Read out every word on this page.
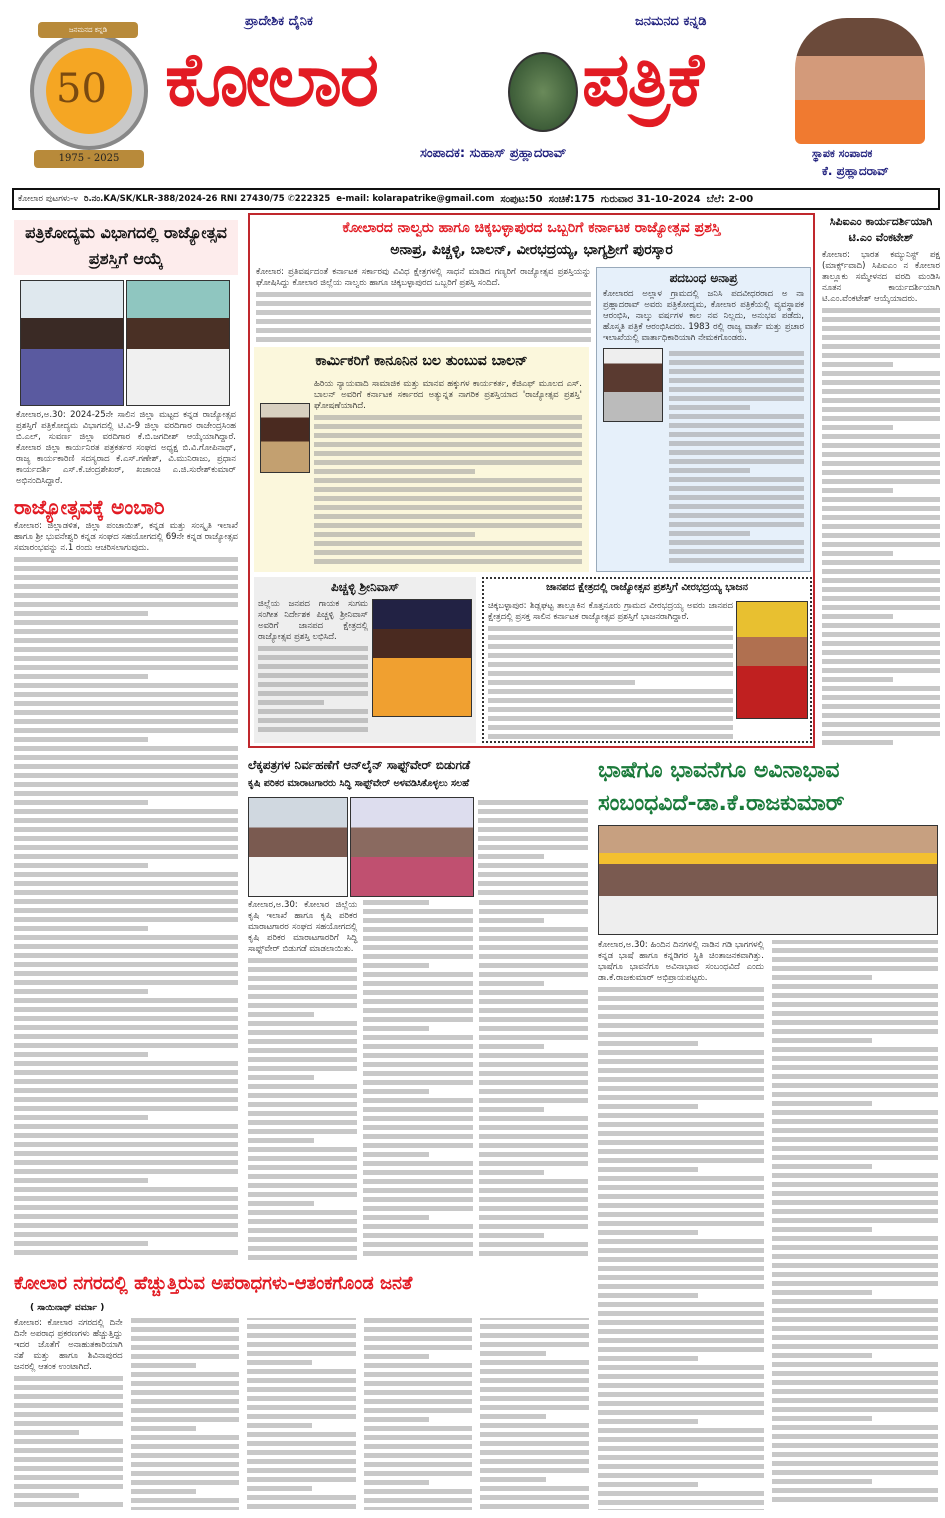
ಜನಮನದ ಕನ್ನಡಿ
50
1975 - 2025
ಪ್ರಾದೇಶಿಕ ದೈನಿಕ	ಜನಮನದ ಕನ್ನಡಿ
ಕೋಲಾರ	ಪತ್ರಿಕೆ
ಸಂಪಾದಕ: ಸುಹಾಸ್ ಪ್ರಹ್ಲಾದರಾವ್	ಸ್ಥಾಪಕ ಸಂಪಾದಕ
ಕೆ. ಪ್ರಹ್ಲಾದರಾವ್
ಕೋಲಾರ ಪುಟಗಳು-೪ ರಿ.ನಂ.KA/SK/KLR-388/2024-26 RNI 27430/75 ✆222325 e-mail: kolarapatrike@gmail.com ಸಂಪುಟ:50 ಸಂಚಿಕೆ:175 ಗುರುವಾರ 31-10-2024 ಬೆಲೆ: 2-00
ಪತ್ರಿಕೋದ್ಯಮ ವಿಭಾಗದಲ್ಲಿ ರಾಜ್ಯೋತ್ಸವ ಪ್ರಶಸ್ತಿಗೆ ಆಯ್ಕೆ

ಕೋಲಾರ,ಅ.30: 2024-25ನೇ ಸಾಲಿನ ಜಿಲ್ಲಾ ಮಟ್ಟದ ಕನ್ನಡ ರಾಜ್ಯೋತ್ಸವ ಪ್ರಶಸ್ತಿಗೆ ಪತ್ರಿಕೋದ್ಯಮ ವಿಭಾಗದಲ್ಲಿ ಟಿ.ವಿ-9 ಜಿಲ್ಲಾ ವರದಿಗಾರ ರಾಜೇಂದ್ರಸಿಂಹ ಬಿ.ಎಲ್, ಸುವರ್ಣ ಜಿಲ್ಲಾ ವರದಿಗಾರ ಕೆ.ಬಿ.ಜಗದೀಶ್ ಆಯ್ಕೆಯಾಗಿದ್ದಾರೆ. ಕೋಲಾರ ಜಿಲ್ಲಾ ಕಾರ್ಯನಿರತ ಪತ್ರಕರ್ತರ ಸಂಘದ ಅಧ್ಯಕ್ಷ ಬಿ.ವಿ.ಗೋಪಿನಾಥ್, ರಾಜ್ಯ ಕಾರ್ಯಕಾರಿಣಿ ಸದಸ್ಯರಾದ ಕೆ.ಎಸ್.ಗಣೇಶ್, ವಿ.ಮುನಿರಾಜು, ಪ್ರಧಾನ ಕಾರ್ಯದರ್ಶಿ ಎಸ್.ಕೆ.ಚಂದ್ರಶೇಖರ್, ಖಜಾಂಚಿ ಎ.ಜಿ.ಸುರೇಶ್‌ಕುಮಾರ್ ಅಭಿನಂದಿಸಿದ್ದಾರೆ.

ರಾಜ್ಯೋತ್ಸವಕ್ಕೆ ಅಂಬಾರಿ

ಕೋಲಾರ: ಜಿಲ್ಲಾಡಳಿತ, ಜಿಲ್ಲಾ ಪಂಚಾಯಿತ್, ಕನ್ನಡ ಮತ್ತು ಸಂಸ್ಕೃತಿ ಇಲಾಖೆ ಹಾಗೂ ಶ್ರೀ ಭುವನೇಶ್ವರಿ ಕನ್ನಡ ಸಂಘದ ಸಹಯೋಗದಲ್ಲಿ 69ನೇ ಕನ್ನಡ ರಾಜ್ಯೋತ್ಸವ ಸಮಾರಂಭವನ್ನು ನ.1 ರಂದು ಆಚರಿಸಲಾಗುವುದು.

ಕೋಲಾರದ ನಾಲ್ವರು ಹಾಗೂ ಚಿಕ್ಕಬಳ್ಳಾಪುರದ ಒಬ್ಬರಿಗೆ ಕರ್ನಾಟಕ ರಾಜ್ಯೋತ್ಸವ ಪ್ರಶಸ್ತಿ
ಅನಾಪ್ರ, ಪಿಚ್ಚಳ್ಳಿ, ಬಾಲನ್, ವೀರಭದ್ರಯ್ಯ, ಭಾಗ್ಯಶ್ರೀಗೆ ಪುರಸ್ಕಾರ

ಕೋಲಾರ: ಪ್ರತಿವರ್ಷದಂತೆ ಕರ್ನಾಟಕ ಸರ್ಕಾರವು ವಿವಿಧ ಕ್ಷೇತ್ರಗಳಲ್ಲಿ ಸಾಧನೆ ಮಾಡಿದ ಗಣ್ಯರಿಗೆ ರಾಜ್ಯೋತ್ಸವ ಪ್ರಶಸ್ತಿಯನ್ನು ಘೋಷಿಸಿದ್ದು ಕೋಲಾರ ಜಿಲ್ಲೆಯ ನಾಲ್ವರು ಹಾಗೂ ಚಿಕ್ಕಬಳ್ಳಾಪುರದ ಒಬ್ಬರಿಗೆ ಪ್ರಶಸ್ತಿ ಸಂದಿದೆ.	ಪದಬಂಧ ಅನಾಪ್ರ

ಕೋಲಾರದ ಅಲ್ಲಾಳ ಗ್ರಾಮದಲ್ಲಿ ಜನಿಸಿ ಪದವೀಧರರಾದ ಅ ನಾ ಪ್ರಹ್ಲಾದರಾವ್ ಅವರು ಪತ್ರಿಕೋದ್ಯಮ, ಕೋಲಾರ ಪತ್ರಿಕೆಯಲ್ಲಿ ವ್ಯವಸ್ಥಾಪಕ ಆರಂಭಿಸಿ, ನಾಲ್ಕು ವರ್ಷಗಳ ಕಾಲ ನವ ನಿಲ್ಲದು, ಅನುಭವ ಪಡೆದು, ಹೊಸ್ಮತಿ ಪತ್ರಿಕೆ ಆರಂಭಿಸಿದರು. 1983 ರಲ್ಲಿ ರಾಜ್ಯ ವಾರ್ತೆ ಮತ್ತು ಪ್ರಚಾರ ಇಲಾಖೆಯಲ್ಲಿ ವಾರ್ತಾಧಿಕಾರಿಯಾಗಿ ನೇಮಕಗೊಂಡರು.

ಕಾರ್ಮಿಕರಿಗೆ ಕಾನೂನಿನ ಬಲ ತುಂಬುವ ಬಾಲನ್

ಹಿರಿಯ ನ್ಯಾಯವಾದಿ ಸಾಮಾಜಿಕ ಮತ್ತು ಮಾನವ ಹಕ್ಕುಗಳ ಕಾರ್ಯಕರ್ತ, ಕೆಜಿಎಫ್ ಮೂಲದ ಎಸ್. ಬಾಲನ್ ಅವರಿಗೆ ಕರ್ನಾಟಕ ಸರ್ಕಾರದ ಅತ್ಯುನ್ನತ ನಾಗರಿಕ ಪ್ರಶಸ್ತಿಯಾದ 'ರಾಜ್ಯೋತ್ಸವ ಪ್ರಶಸ್ತಿ' ಘೋಷಣೆಯಾಗಿದೆ.

ಪಿಚ್ಚಳ್ಳಿ ಶ್ರೀನಿವಾಸ್

ಜಿಲ್ಲೆಯ ಜನಪದ ಗಾಯಕ ಸುಗಮ ಸಂಗೀತ ನಿರ್ದೇಶಕ ಪಿಚ್ಚಳ್ಳಿ ಶ್ರೀನಿವಾಸ್ ಅವರಿಗೆ ಜಾನಪದ ಕ್ಷೇತ್ರದಲ್ಲಿ ರಾಜ್ಯೋತ್ಸವ ಪ್ರಶಸ್ತಿ ಲಭಿಸಿದೆ.

ಜಾನಪದ ಕ್ಷೇತ್ರದಲ್ಲಿ ರಾಜ್ಯೋತ್ಸವ ಪ್ರಶಸ್ತಿಗೆ ವೀರಭದ್ರಯ್ಯ ಭಾಜನ

ಚಿಕ್ಕಬಳ್ಳಾಪುರ: ಶಿಡ್ಲಘಟ್ಟ ತಾಲ್ಲೂಕಿನ ಕೊತ್ತನೂರು ಗ್ರಾಮದ ವೀರಭದ್ರಯ್ಯ ಅವರು ಜಾನಪದ ಕ್ಷೇತ್ರದಲ್ಲಿ ಪ್ರಸಕ್ತ ಸಾಲಿನ ಕರ್ನಾಟಕ ರಾಜ್ಯೋತ್ಸವ ಪ್ರಶಸ್ತಿಗೆ ಭಾಜನರಾಗಿದ್ದಾರೆ.

ಸಿಪಿಐಎಂ ಕಾರ್ಯದರ್ಶಿಯಾಗಿ ಟಿ.ಎಂ ವೆಂಕಟೇಶ್

ಕೋಲಾರ: ಭಾರತ ಕಮ್ಯುನಿಸ್ಟ್ ಪಕ್ಷ (ಮಾರ್ಕ್ಸ್‌ವಾದಿ) ಸಿಪಿಐಎಂ ನ ಕೋಲಾರ ತಾಲ್ಲೂಕು ಸಮ್ಮೇಳನದ ವರದಿ ಮಂಡಿಸಿ ನೂತನ ಕಾರ್ಯದರ್ಶಿಯಾಗಿ ಟಿ.ಎಂ.ವೆಂಕಟೇಶ್ ಆಯ್ಕೆಯಾದರು.

ಲೆಕ್ಕಪತ್ರಗಳ ನಿರ್ವಹಣೆಗೆ ಆನ್‌ಲೈನ್ ಸಾಫ್ಟ್‌ವೇರ್ ಬಿಡುಗಡೆ
ಕೃಷಿ ಪರಿಕರ ಮಾರಾಟಗಾರರು ಸಿದ್ಧಿ ಸಾಫ್ಟ್‌ವೇರ್ ಅಳವಡಿಸಿಕೊಳ್ಳಲು ಸಲಹೆ

ಕೋಲಾರ,ಅ.30: ಕೋಲಾರ ಜಿಲ್ಲೆಯ ಕೃಷಿ ಇಲಾಖೆ ಹಾಗೂ ಕೃಷಿ ಪರಿಕರ ಮಾರಾಟಗಾರರ ಸಂಘದ ಸಹಯೋಗದಲ್ಲಿ ಕೃಷಿ ಪರಿಕರ ಮಾರಾಟಗಾರರಿಗೆ ಸಿದ್ಧಿ ಸಾಫ್ಟ್‌ವೇರ್ ಬಿಡುಗಡೆ ಮಾಡಲಾಯಿತು.

ಭಾಷೆಗೂ ಭಾವನೆಗೂ ಅವಿನಾಭಾವ
ಸಂಬಂಧವಿದೆ-ಡಾ.ಕೆ.ರಾಜಕುಮಾರ್

ಕೋಲಾರ,ಅ.30: ಹಿಂದಿನ ದಿನಗಳಲ್ಲಿ ನಾಡಿನ ಗಡಿ ಭಾಗಗಳಲ್ಲಿ ಕನ್ನಡ ಭಾಷೆ ಹಾಗೂ ಕನ್ನಡಿಗರ ಸ್ಥಿತಿ ಚಿಂತಾಜನಕವಾಗಿತ್ತು. ಭಾಷೆಗೂ ಭಾವನೆಗೂ ಅವಿನಾಭಾವ ಸಂಬಂಧವಿದೆ ಎಂದು ಡಾ.ಕೆ.ರಾಜಕುಮಾರ್ ಅಭಿಪ್ರಾಯಪಟ್ಟರು.

ಕೋಲಾರ ನಗರದಲ್ಲಿ ಹೆಚ್ಚುತ್ತಿರುವ ಅಪರಾಧಗಳು-ಆತಂಕಗೊಂಡ ಜನತೆ
( ಸಾಯಿನಾಥ್ ವರ್ಮಾ )

ಕೋಲಾರ: ಕೋಲಾರ ನಗರದಲ್ಲಿ ದಿನೇ ದಿನೇ ಅಪರಾಧ ಪ್ರಕರಣಗಳು ಹೆಚ್ಚುತ್ತಿದ್ದು ಇದರ ಜೊತೆಗೆ ಅನಾಹುತಕಾರಿಯಾಗಿ ನಶೆ ಮತ್ತು ಹಾಗೂ ಶಿವಿನಾಪುರದ ಜನರಲ್ಲಿ ಆತಂಕ ಉಂಟಾಗಿದೆ.
